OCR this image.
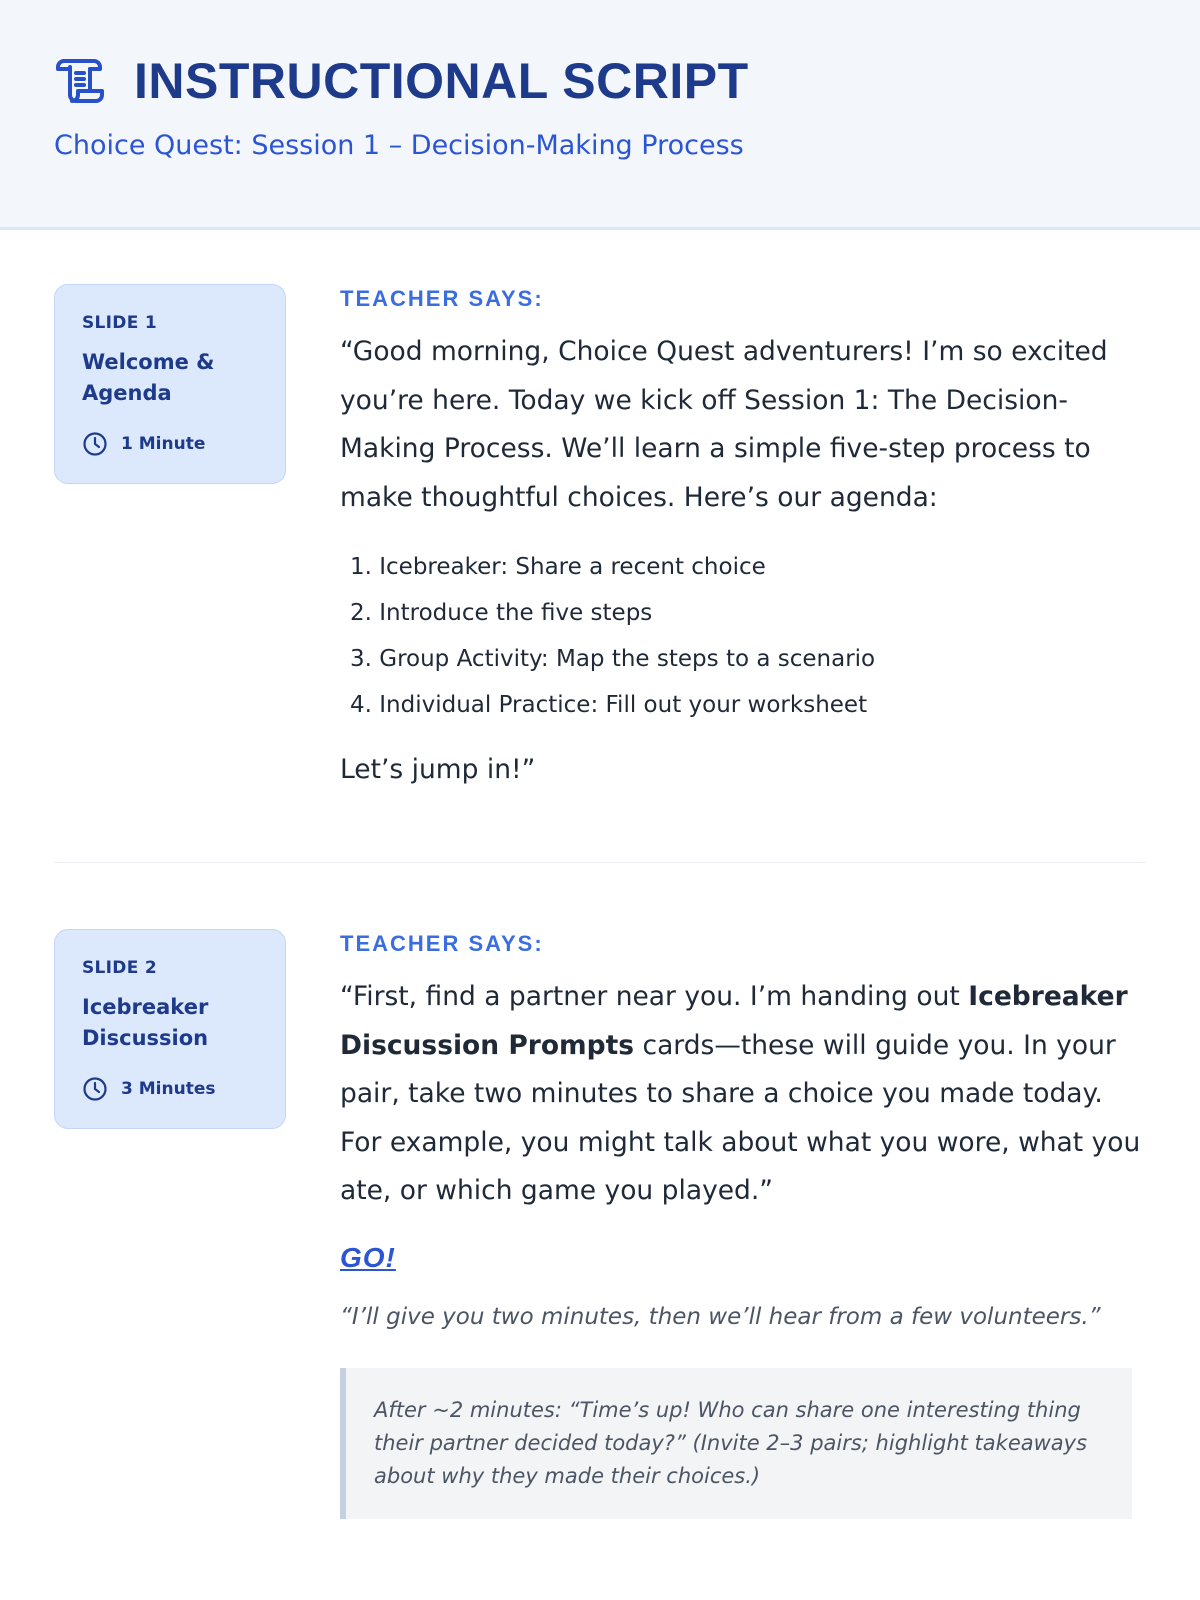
INSTRUCTIONAL SCRIPT
Choice Quest: Session 1 – Decision-Making Process
SLIDE 1
Welcome & Agenda
1 Minute
TEACHER SAYS:

“Good morning, Choice Quest adventurers! I’m so excited you’re here. Today we kick off Session 1: The Decision-Making Process. We’ll learn a simple five-step process to make thoughtful choices. Here’s our agenda:

1. Icebreaker: Share a recent choice
2. Introduce the five steps
3. Group Activity: Map the steps to a scenario
4. Individual Practice: Fill out your worksheet

Let’s jump in!”

SLIDE 2
Icebreaker Discussion
3 Minutes
TEACHER SAYS:

“First, find a partner near you. I’m handing out Icebreaker Discussion Prompts cards—these will guide you. In your pair, take two minutes to share a choice you made today. For example, you might talk about what you wore, what you ate, or which game you played.”

GO!

“I’ll give you two minutes, then we’ll hear from a few volunteers.”

After ~2 minutes: “Time’s up! Who can share one interesting thing their partner decided today?” (Invite 2–3 pairs; highlight takeaways about why they made their choices.)
